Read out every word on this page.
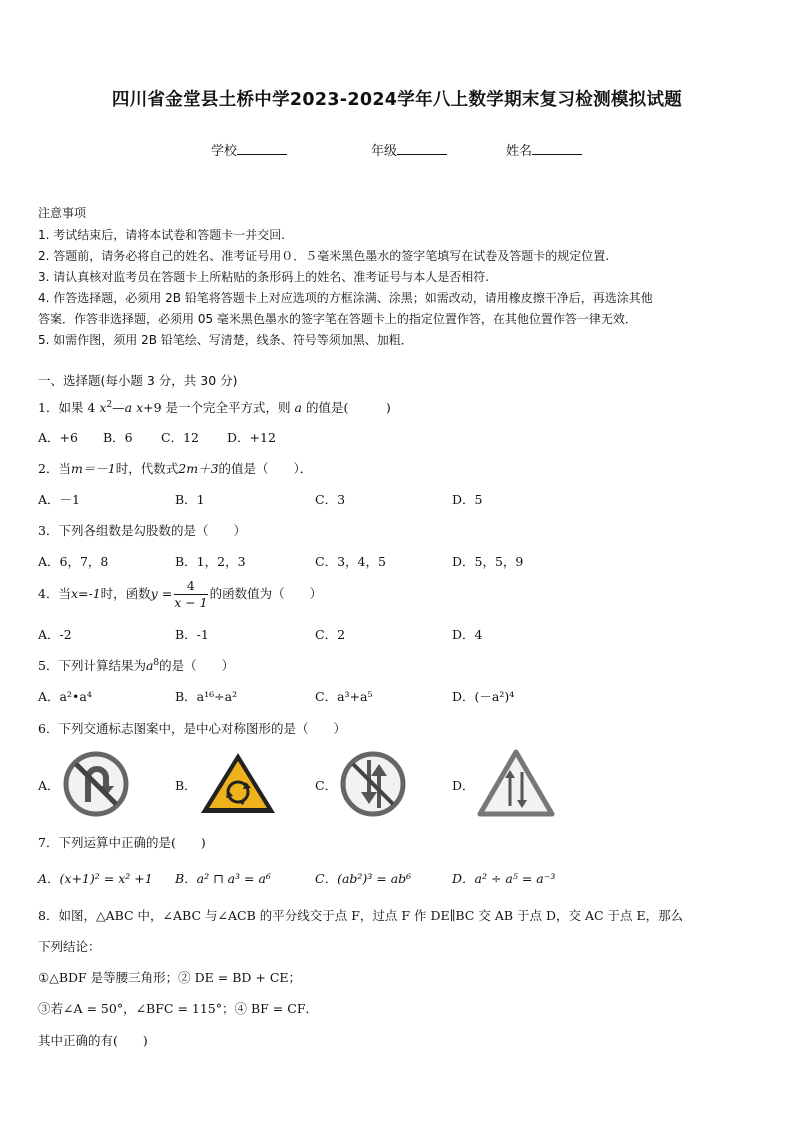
四川省金堂县土桥中学2023-2024学年八上数学期末复习检测模拟试题
学校	年级	姓名
注意事项
1. 考试结束后，请将本试卷和答题卡一并交回.
2. 答题前，请务必将自己的姓名、准考证号用０．５毫米黑色墨水的签字笔填写在试卷及答题卡的规定位置.
3. 请认真核对监考员在答题卡上所粘贴的条形码上的姓名、准考证号与本人是否相符.
4. 作答选择题，必须用 2B 铅笔将答题卡上对应选项的方框涂满、涂黑；如需改动，请用橡皮擦干净后，再选涂其他
答案．作答非选择题，必须用 05 毫米黑色墨水的签字笔在答题卡上的指定位置作答，在其他位置作答一律无效．
5. 如需作图，须用 2B 铅笔绘、写清楚，线条、符号等须加黑、加粗．
一、选择题(每小题 3 分，共 30 分)
1．如果 4 $x^2—a$ x+9 是一个完全平方式，则 a 的值是(　　　)
A．+6 B．6 C．12 D．+12
2．当m＝－1时，代数式2m＋3的值是（　　）．
A．－1	B．1	C．3	D．5
3．下列各组数是勾股数的是（　　）
A．6，7，8	B．1，2，3	C．3，4，5	D．5，5，9
4．当x=-1时，函数$y = \frac{4}{x - 1}$ 的函数值为（　　）
A．-2	B．-1	C．2	D．4
5．下列计算结果为$a^8$的是（　　）
A．a²•a⁴	B．a¹⁶÷a²	C．a³+a⁵	D．(－a²)⁴
6．下列交通标志图案中，是中心对称图形的是（　　）
A．	B．	C．	D．
7．下列运算中正确的是(　　)
A．(x+1)² = x² +1 B．a² ⊓ a³ = a⁶	C．(ab²)³ = ab⁶	D．a² ÷ a⁵ = a⁻³
8．如图，△ABC 中，∠ABC 与∠ACB 的平分线交于点 F，过点 F 作 DE∥BC 交 AB 于点 D，交 AC 于点 E，那么
下列结论：
①△BDF 是等腰三角形；② DE = BD + CE；
③若∠A = 50°，∠BFC = 115°；④ BF = CF．
其中正确的有(　　)
